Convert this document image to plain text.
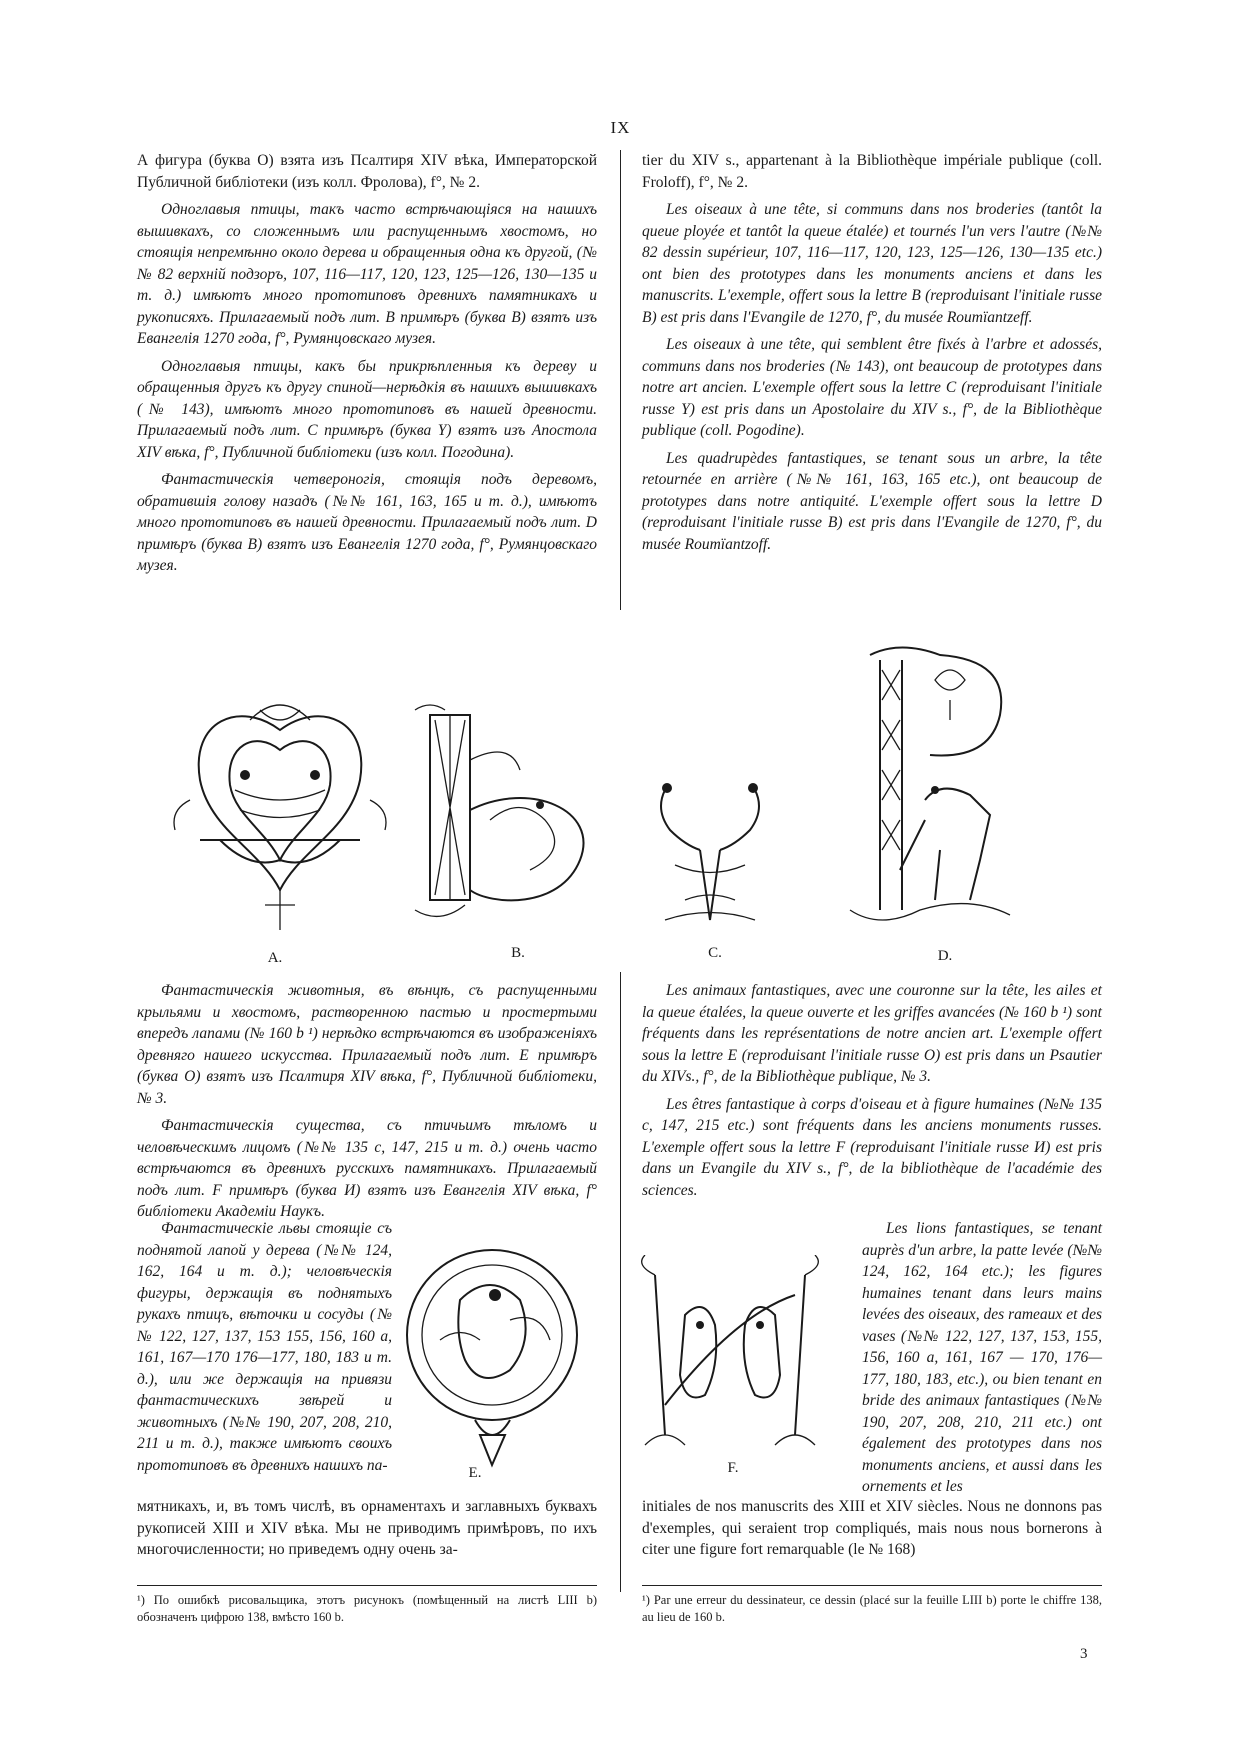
IX

А фигура (буква О) взята изъ Псалтиря XIV вѣка, Императорской Публичной библіотеки (изъ колл. Фролова), f°, № 2.

Одноглавыя птицы, такъ часто встрѣчающіяся на нашихъ вышивкахъ, со сложеннымъ или распущеннымъ хвостомъ, но стоящія непремѣнно около дерева и обращенныя одна къ другой, (№№ 82 верхній подзоръ, 107, 116—117, 120, 123, 125—126, 130—135 и т. д.) имѣютъ много прототиповъ древнихъ памятникахъ и рукописяхъ. Прилагаемый подъ лит. В примѣръ (буква В) взятъ изъ Евангелія 1270 года, f°, Румянцовскаго музея.

Одноглавыя птицы, какъ бы прикрѣпленныя къ дереву и обращенныя другъ къ другу спиной—нерѣдкія въ нашихъ вышивкахъ (№ 143), имѣютъ много прототиповъ въ нашей древности. Прилагаемый подъ лит. С примѣръ (буква Y) взятъ изъ Апостола XIV вѣка, f°, Публичной библіотеки (изъ колл. Погодина).

Фантастическія четвероногія, стоящія подъ деревомъ, обратившія голову назадъ (№№ 161, 163, 165 и т. д.), имѣютъ много прототиповъ въ нашей древности. Прилагаемый подъ лит. D примѣръ (буква В) взятъ изъ Евангелія 1270 года, f°, Румянцовскаго музея.

tier du XIV s., appartenant à la Bibliothèque impériale publique (coll. Froloff), f°, № 2.

Les oiseaux à une tête, si communs dans nos broderies (tantôt la queue ployée et tantôt la queue étalée) et tournés l'un vers l'autre (№№ 82 dessin supérieur, 107, 116—117, 120, 123, 125—126, 130—135 etc.) ont bien des prototypes dans les monuments anciens et dans les manuscrits. L'exemple, offert sous la lettre B (reproduisant l'initiale russe В) est pris dans l'Evangile de 1270, f°, du musée Roumïantzeff.

Les oiseaux à une tête, qui semblent être fixés à l'arbre et adossés, communs dans nos broderies (№ 143), ont beaucoup de prototypes dans notre art ancien. L'exemple offert sous la lettre C (reproduisant l'initiale russe Y) est pris dans un Apostolaire du XIV s., f°, de la Bibliothèque publique (coll. Pogodine).

Les quadrupèdes fantastiques, se tenant sous un arbre, la tête retournée en arrière (№№ 161, 163, 165 etc.), ont beaucoup de prototypes dans notre antiquité. L'exemple offert sous la lettre D (reproduisant l'initiale russe В) est pris dans l'Evangile de 1270, f°, du musée Roumïantzoff.

A.	B.	C.	D.

Фантастическія животныя, въ вѣнцѣ, съ распущенными крыльями и хвостомъ, растворенною пастью и простертыми впередъ лапами (№ 160 b ¹) нерѣдко встрѣчаются въ изображеніяхъ древняго нашего искусства. Прилагаемый подъ лит. Е примѣръ (буква О) взятъ изъ Псалтиря XIV вѣка, f°, Публичной библіотеки, № 3.

Фантастическія существа, съ птичьимъ тѣломъ и человѣческимъ лицомъ (№№ 135 c, 147, 215 и т. д.) очень часто встрѣчаются въ древнихъ русскихъ памятникахъ. Прилагаемый подъ лит. F примѣръ (буква И) взятъ изъ Евангелія XIV вѣка, f° библіотеки Академіи Наукъ.

Les animaux fantastiques, avec une couronne sur la tête, les ailes et la queue étalées, la queue ouverte et les griffes avancées (№ 160 b ¹) sont fréquents dans les représentations de notre ancien art. L'exemple offert sous la lettre E (reproduisant l'initiale russe О) est pris dans un Psautier du XIVs., f°, de la Bibliothèque publique, № 3.

Les êtres fantastique à corps d'oiseau et à figure humaines (№№ 135 c, 147, 215 etc.) sont fréquents dans les anciens monuments russes. L'exemple offert sous la lettre F (reproduisant l'initiale russe И) est pris dans un Evangile du XIV s., f°, de la bibliothèque de l'académie des sciences.

Фантастическіе львы стоящіе съ поднятой лапой у дерева (№№ 124, 162, 164 и т. д.); человѣческія фигуры, держащія въ поднятыхъ рукахъ птицъ, вѣточки и сосуды (№№ 122, 127, 137, 153 155, 156, 160 a, 161, 167—170 176—177, 180, 183 и т. д.), или же держащія на привязи фантастическихъ звѣрей и животныхъ (№№ 190, 207, 208, 210, 211 и т. д.), также имѣютъ своихъ прототиповъ въ древнихъ нашихъ па-	E.	F.

Les lions fantastiques, se tenant auprès d'un arbre, la patte levée (№№ 124, 162, 164 etc.); les figures humaines tenant dans leurs mains levées des oiseaux, des rameaux et des vases (№№ 122, 127, 137, 153, 155, 156, 160 a, 161, 167 — 170, 176—177, 180, 183, etc.), ou bien tenant en bride des animaux fantastiques (№№ 190, 207, 208, 210, 211 etc.) ont également des prototypes dans nos monuments anciens, et aussi dans les ornements et les

мятникахъ, и, въ томъ числѣ, въ орнаментахъ и заглавныхъ буквахъ рукописей XIII и XIV вѣка. Мы не приводимъ примѣровъ, по ихъ многочисленности; но приведемъ одну очень за-

initiales de nos manuscrits des XIII et XIV siècles. Nous ne donnons pas d'exemples, qui seraient trop compliqués, mais nous nous bornerons à citer une figure fort remarquable (le № 168)

¹) По ошибкѣ рисовальщика, этотъ рисунокъ (помѣщенный на листѣ LIII b) обозначенъ цифрою 138, вмѣсто 160 b.
¹) Par une erreur du dessinateur, ce dessin (placé sur la feuille LIII b) porte le chiffre 138, au lieu de 160 b.
3
